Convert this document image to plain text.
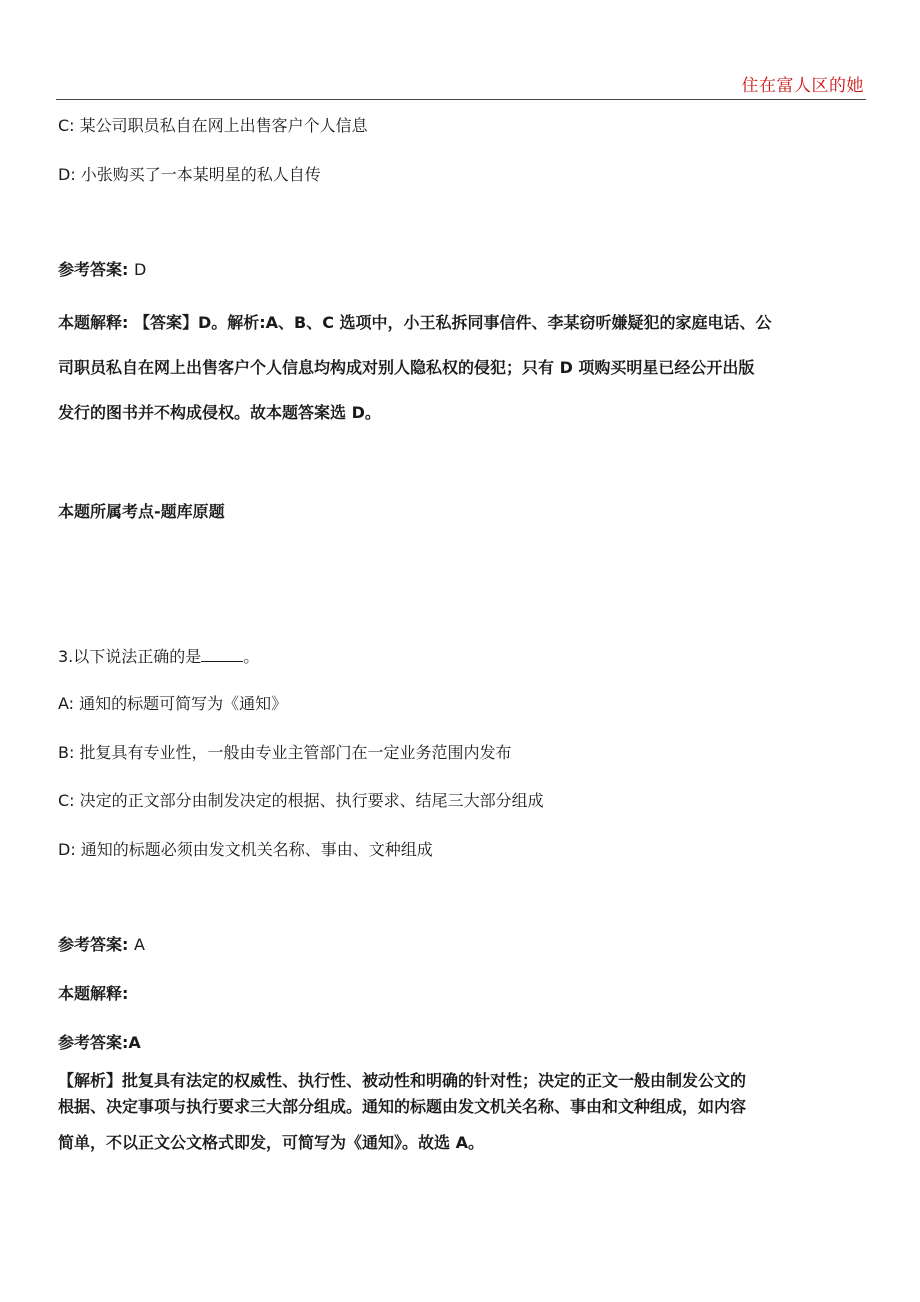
住在富人区的她
C: 某公司职员私自在网上出售客户个人信息
D: 小张购买了一本某明星的私人自传
参考答案: D
本题解释: 【答案】D。解析:A、B、C 选项中，小王私拆同事信件、李某窃听嫌疑犯的家庭电话、公
司职员私自在网上出售客户个人信息均构成对别人隐私权的侵犯；只有 D 项购买明星已经公开出版
发行的图书并不构成侵权。故本题答案选 D。
本题所属考点-题库原题
3.以下说法正确的是	。
A: 通知的标题可简写为《通知》
B: 批复具有专业性，一般由专业主管部门在一定业务范围内发布
C: 决定的正文部分由制发决定的根据、执行要求、结尾三大部分组成
D: 通知的标题必须由发文机关名称、事由、文种组成
参考答案: A
本题解释:
参考答案:A
【解析】批复具有法定的权威性、执行性、被动性和明确的针对性；决定的正文一般由制发公文的
根据、决定事项与执行要求三大部分组成。通知的标题由发文机关名称、事由和文种组成，如内容
简单，不以正文公文格式即发，可简写为《通知》。故选 A。
